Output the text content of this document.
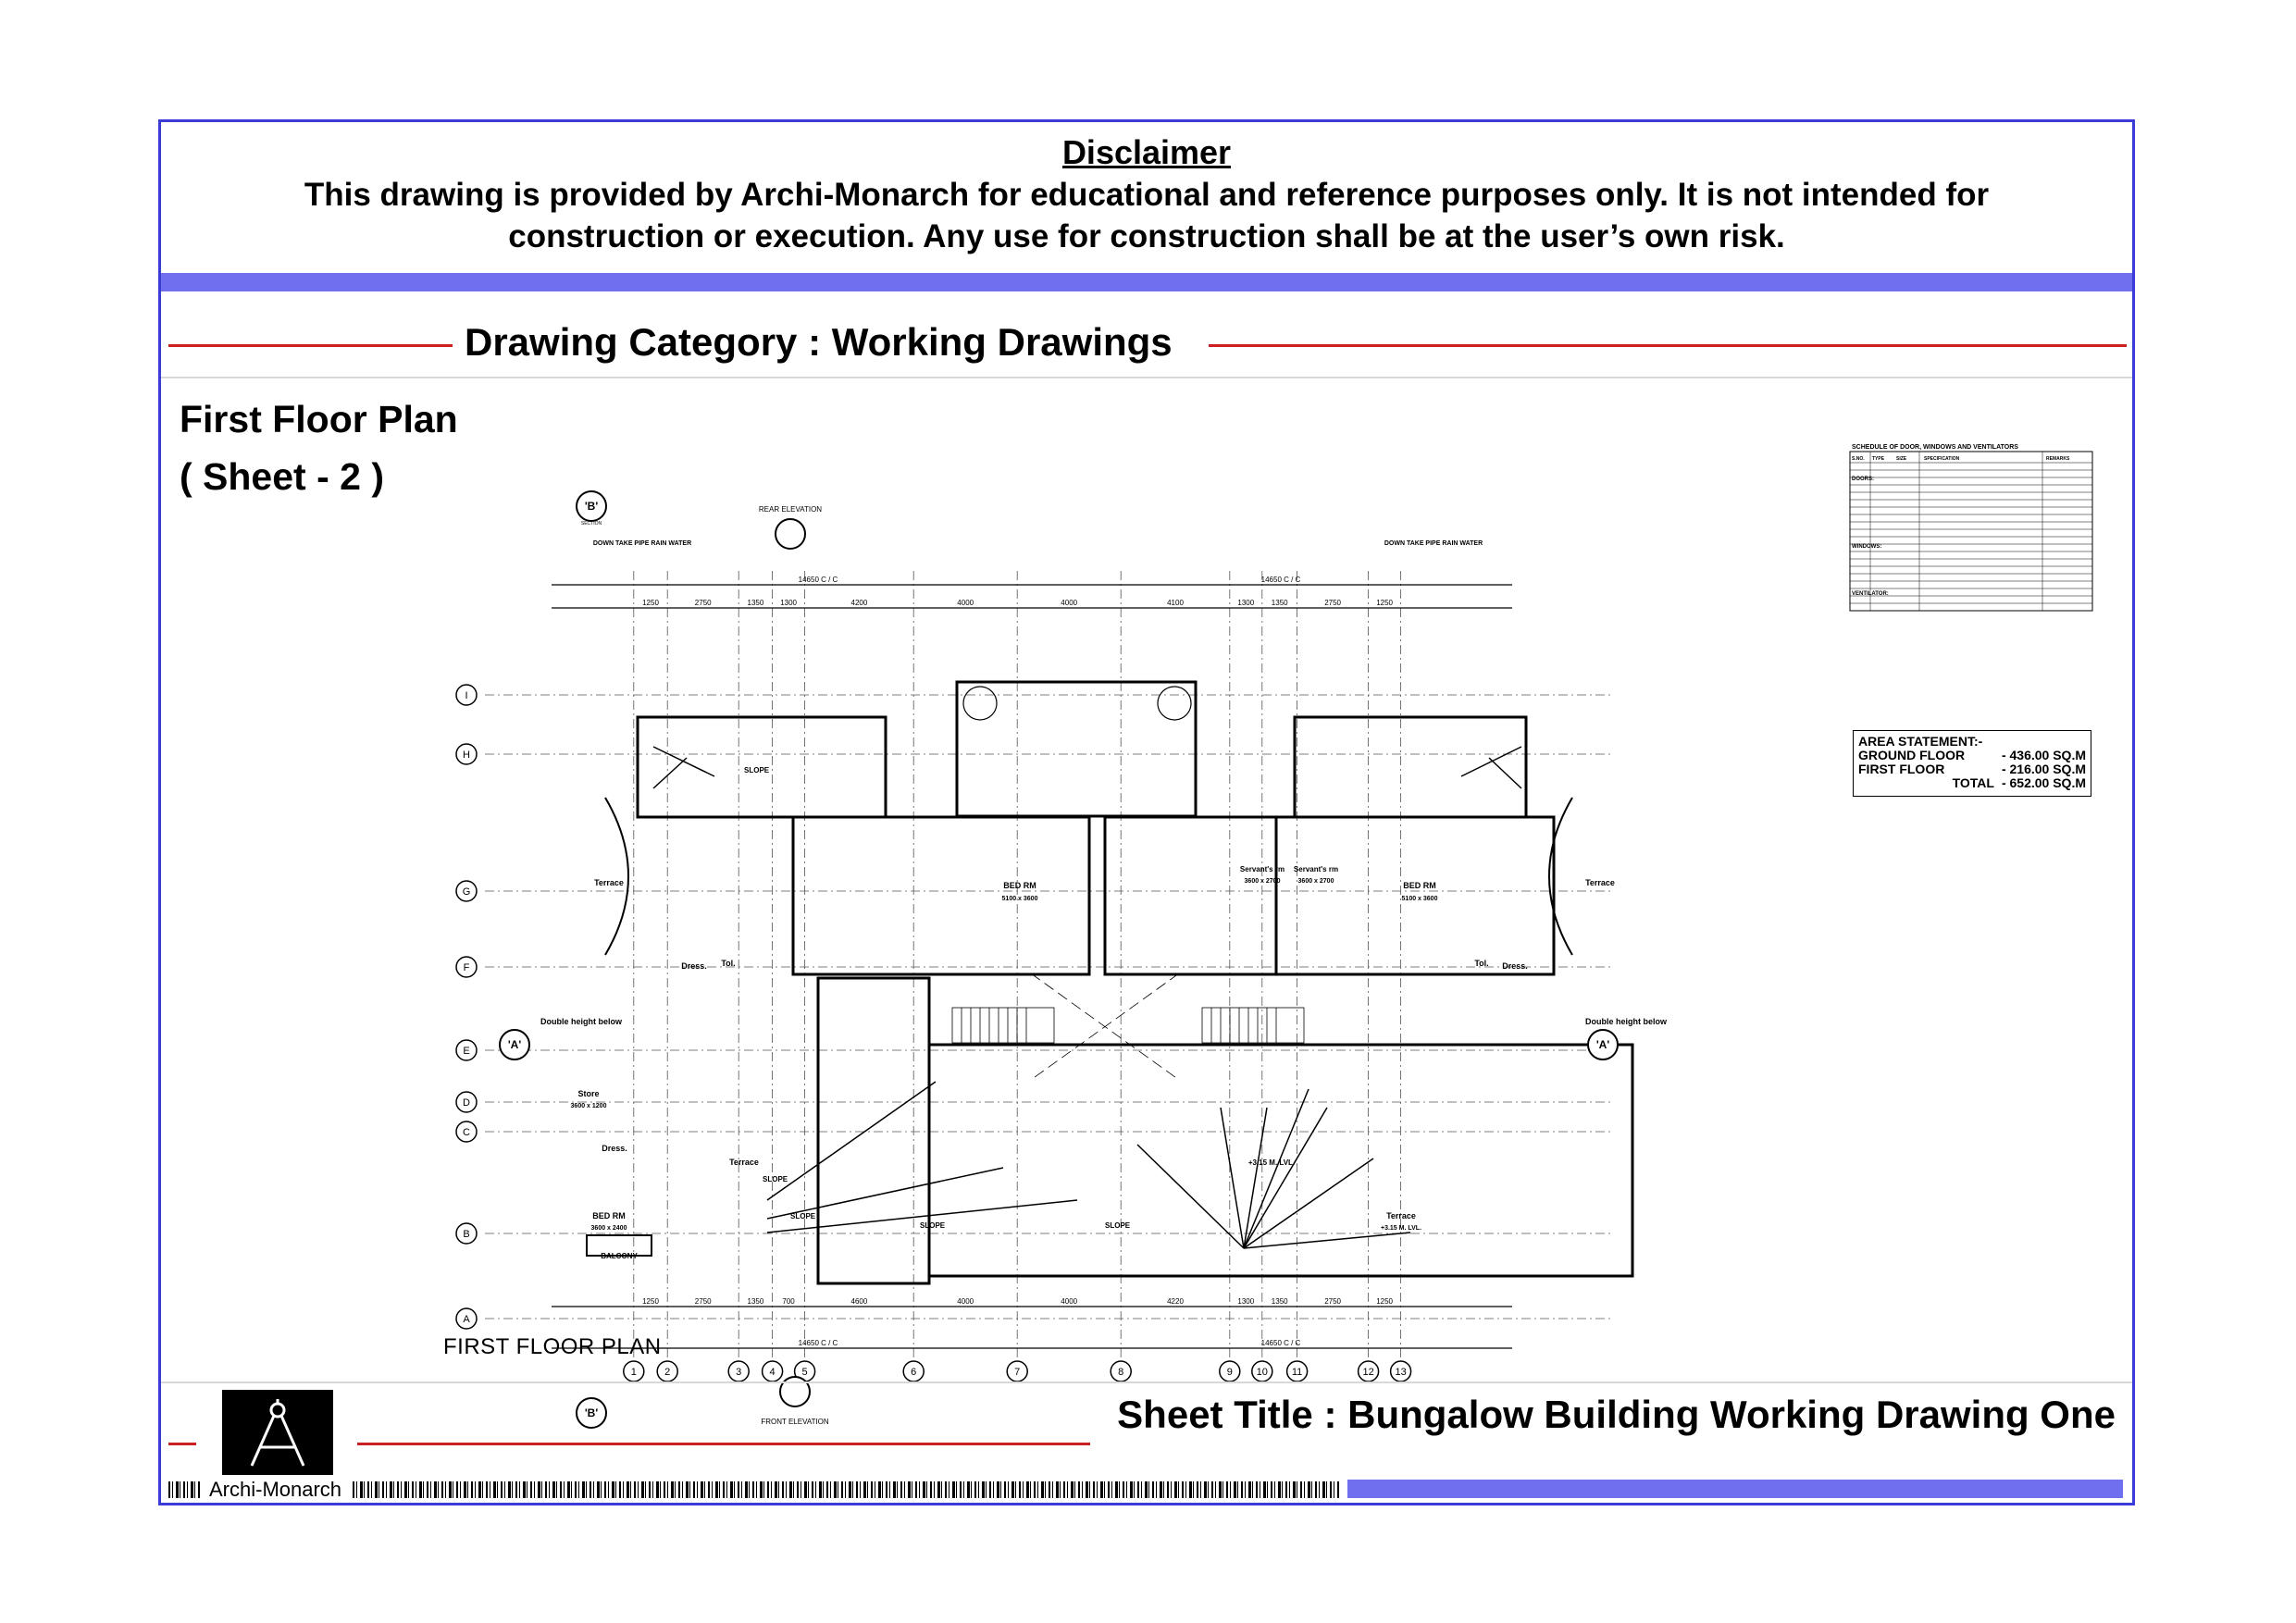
Disclaimer
This drawing is provided by Archi-Monarch for educational and reference purposes only. It is not intended for construction or execution. Any use for construction shall be at the user’s own risk.
Drawing Category : Working Drawings
First Floor Plan
( Sheet - 2 )
I
H
G
F
E
D
C
B
A
1	2	3	4	5	6	7	8	9 10 11	12 13
1250	2750	1350 1300	4200	4000	4000	4100	1300 1350	2750	1250
14650 C / C	14650 C / C
1250	2750	1350	700	4600	4000	4000	4220	1300 1350	2750	1250
14650 C / C	14650 C / C
'B'
SECTION
'B'
'A'	'A'
REAR ELEVATION
FRONT ELEVATION
BED RM
5100 x 3600
BED RM
5100 x 3600
Servant's rm
3600 x 2700
Servant's rm
3600 x 2700
BED RM
3600 x 2400
Store
3600 x 1200
Terrace	Terrace
Terrace
Terrace
+3.15 M. LVL.
Dress.	Dress.
Dress.
Tol.	Tol.
Double height below	Double height below
BALCONY
+3.15 M. LVL.
DOWN TAKE PIPE RAIN WATER	DOWN TAKE PIPE RAIN WATER
SLOPE
SLOPE
SLOPE
SLOPE	SLOPE
FIRST FLOOR PLAN
SCHEDULE OF DOOR, WINDOWS AND VENTILATORS
S.NO. TYPE	SIZE	SPECIFICATION	REMARKS
DOORS:
WINDOWS:
VENTILATOR:
AREA STATEMENT:-
GROUND FLOOR	- 436.00 SQ.M
FIRST FLOOR	- 216.00 SQ.M
TOTAL - 652.00 SQ.M
Sheet Title : Bungalow Building Working Drawing One
Archi-Monarch
